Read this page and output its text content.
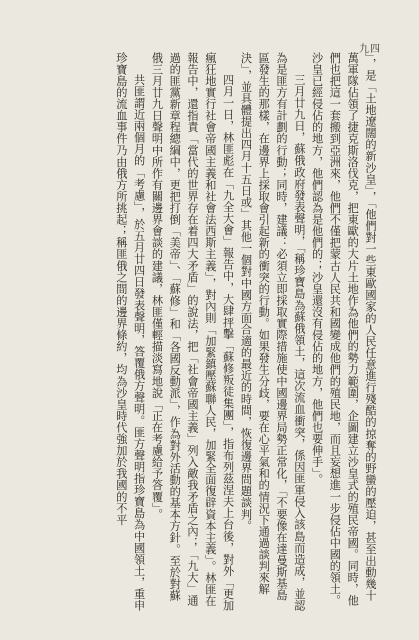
九四

」，是「土地遼闊的新沙皇」，「他們對一些東歐國家的人民任意進行殘酷的掠奪的野蠻的壓迫，甚至出動幾十萬軍隊佔領了捷克斯洛伐克，把東歐的大片土地作為他們的勢力範圍，企圖建立沙皇式的殖民帝國。同時，他們也把這一套搬到亞洲來，他們不僅把蒙古人民共和國變成他們的殖民地，而且妄想進一步侵佔中國的領土。沙皇已經侵佔的地方，他們認為是他們的；沙皇還沒有侵佔的地方，他們也要伸手」。

三月廿九日，蘇俄政府發表聲明，「稱珍寶島為蘇俄領土，這次流血衝突，係因匪軍侵入該島而造成，並認為是匪方有計劃的行動；同時，建議：必須立即採取實際措施使中國邊界局勢正常化，「不要像在達曼斯基島區發生的那樣，在邊界上採取會引起新的衝突的行動。如果發生分歧，要在心平氣和的情況下通過談判來解決」，並具體提出四月十五日或」其他一個對中國方面合適的最近的時間，恢復邊界問題談判。

四月一日，林匪彪在「九全大會」報告中，大肆抨擊「蘇修叛徒集團」，指布列茲涅夫上台後，對外「更加瘋狂地實行社會帝國主義和社會法西斯主義」，對內則「加緊鎮壓蘇聯人民，加緊全面復辟資本主義」。林匪在報告中，還指責「當代的世界存在着四大矛盾」的說法，把「社會帝國主義」列入敵我矛盾之內；「九大」通過的匪黨新章程總綱中，更把打倒「美帝」、「蘇修」和「各國反動派」，作為對外活動的基本方針。至於對蘇俄三月廿九日聲明中所作有關邊界會談的建議，林匪僅輕描淡寫地說「正在考慮給予答覆」。

共匪謂近兩個月的「考慮」，於五月廿四日發表聲明，答覆俄方聲明。匪方聲明指珍寶島為中國領土，重申珍寶島的流血事件乃由俄方所挑起；稱匪俄之間的邊界條約，均為沙皇時代強加於我國的不平
